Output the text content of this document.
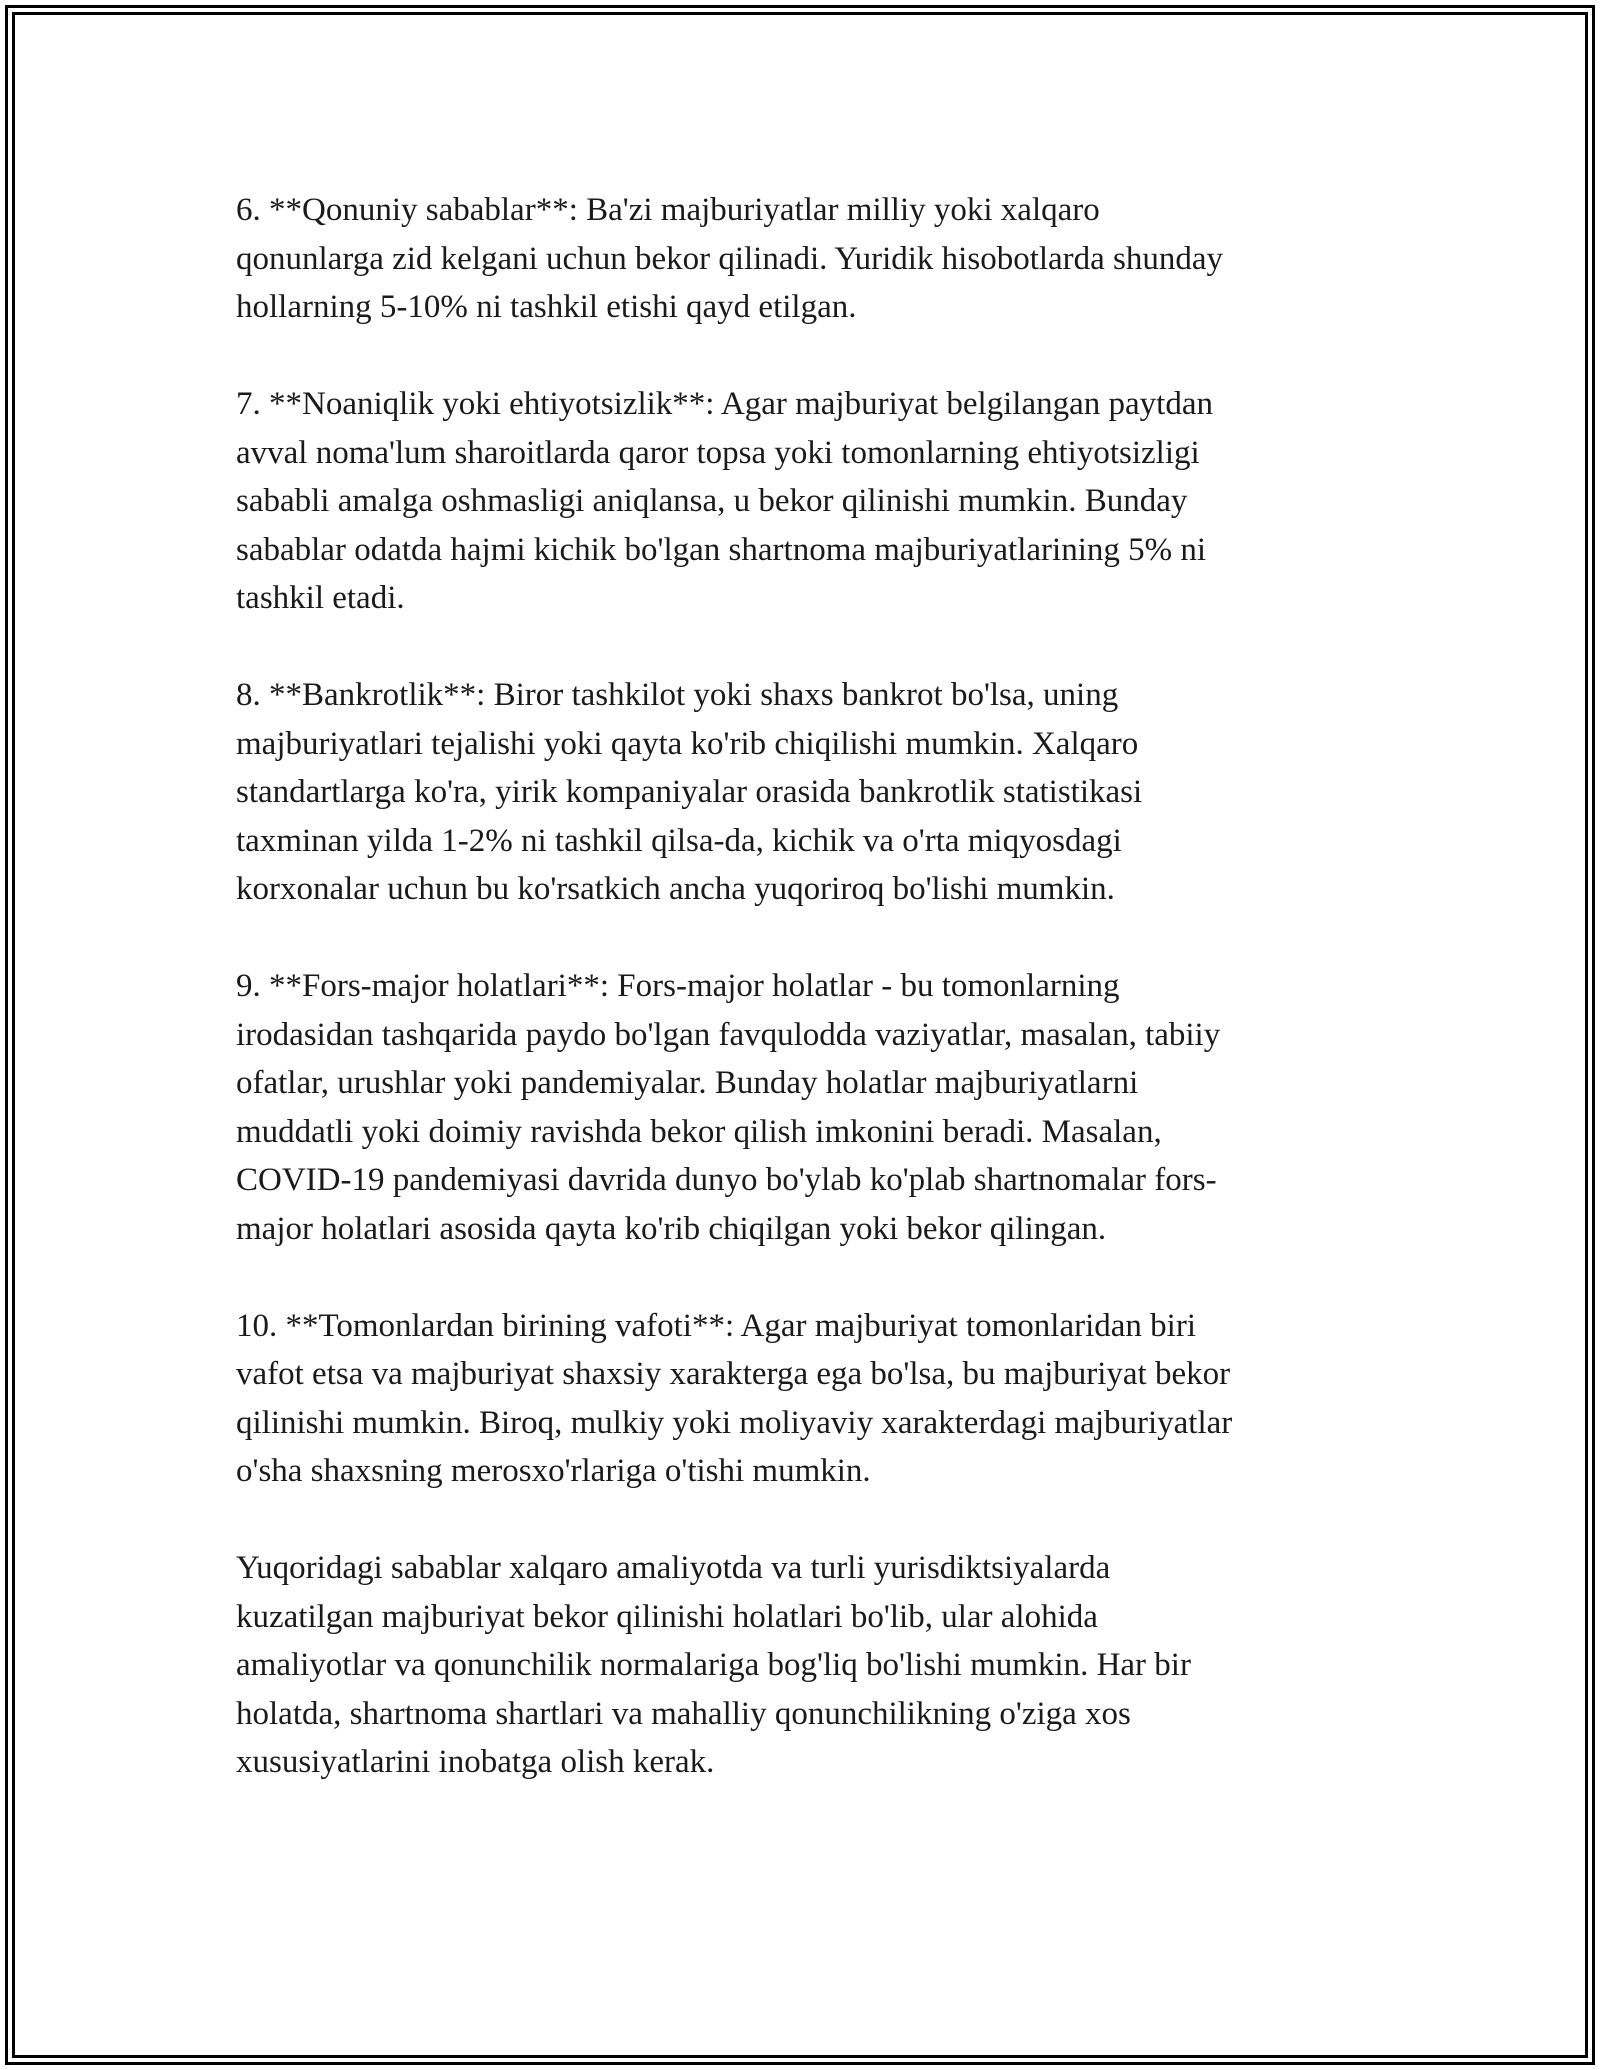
6. **Qonuniy sabablar**: Ba'zi majburiyatlar milliy yoki xalqaro
qonunlarga zid kelgani uchun bekor qilinadi. Yuridik hisobotlarda shunday
hollarning 5-10% ni tashkil etishi qayd etilgan.

7. **Noaniqlik yoki ehtiyotsizlik**: Agar majburiyat belgilangan paytdan
avval noma'lum sharoitlarda qaror topsa yoki tomonlarning ehtiyotsizligi
sababli amalga oshmasligi aniqlansa, u bekor qilinishi mumkin. Bunday
sabablar odatda hajmi kichik bo'lgan shartnoma majburiyatlarining 5% ni
tashkil etadi.

8. **Bankrotlik**: Biror tashkilot yoki shaxs bankrot bo'lsa, uning
majburiyatlari tejalishi yoki qayta ko'rib chiqilishi mumkin. Xalqaro
standartlarga ko'ra, yirik kompaniyalar orasida bankrotlik statistikasi
taxminan yilda 1-2% ni tashkil qilsa-da, kichik va o'rta miqyosdagi
korxonalar uchun bu ko'rsatkich ancha yuqoriroq bo'lishi mumkin.

9. **Fors-major holatlari**: Fors-major holatlar - bu tomonlarning
irodasidan tashqarida paydo bo'lgan favqulodda vaziyatlar, masalan, tabiiy
ofatlar, urushlar yoki pandemiyalar. Bunday holatlar majburiyatlarni
muddatli yoki doimiy ravishda bekor qilish imkonini beradi. Masalan,
COVID-19 pandemiyasi davrida dunyo bo'ylab ko'plab shartnomalar fors-
major holatlari asosida qayta ko'rib chiqilgan yoki bekor qilingan.

10. **Tomonlardan birining vafoti**: Agar majburiyat tomonlaridan biri
vafot etsa va majburiyat shaxsiy xarakterga ega bo'lsa, bu majburiyat bekor
qilinishi mumkin. Biroq, mulkiy yoki moliyaviy xarakterdagi majburiyatlar
o'sha shaxsning merosxo'rlariga o'tishi mumkin.

Yuqoridagi sabablar xalqaro amaliyotda va turli yurisdiktsiyalarda
kuzatilgan majburiyat bekor qilinishi holatlari bo'lib, ular alohida
amaliyotlar va qonunchilik normalariga bog'liq bo'lishi mumkin. Har bir
holatda, shartnoma shartlari va mahalliy qonunchilikning o'ziga xos
xususiyatlarini inobatga olish kerak.
